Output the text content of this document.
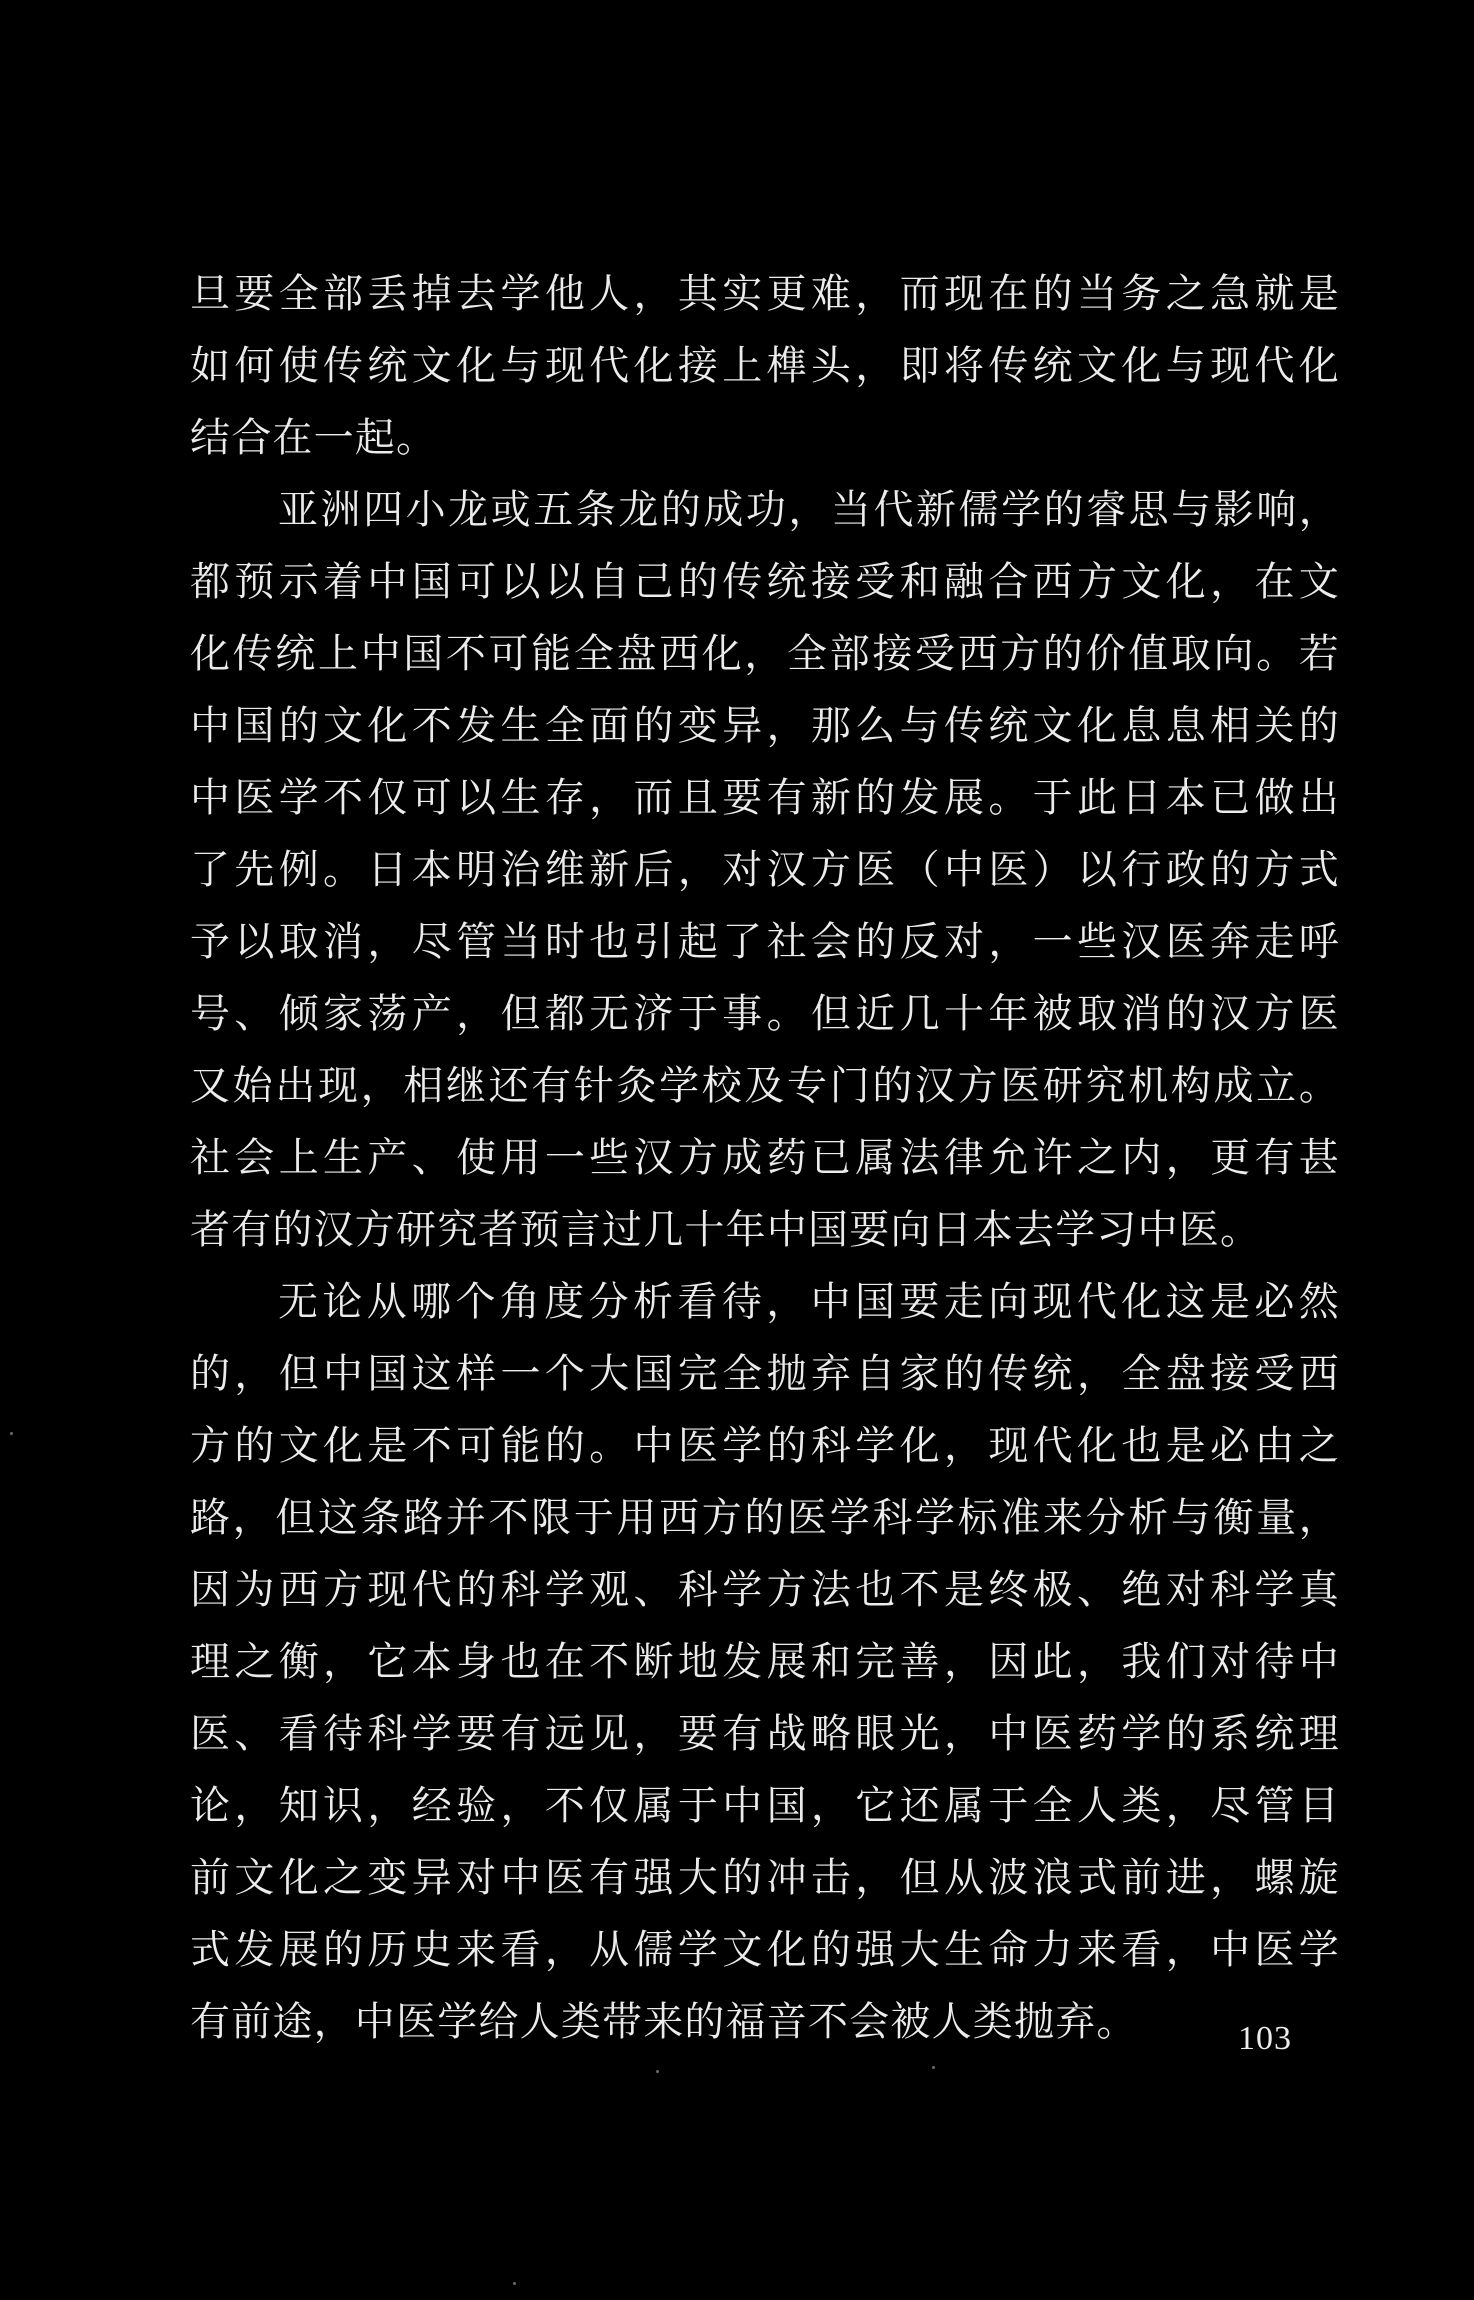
旦要全部丢掉去学他人，其实更难，而现在的当务之急就是
如何使传统文化与现代化接上榫头，即将传统文化与现代化
结合在一起。
亚洲四小龙或五条龙的成功，当代新儒学的睿思与影响，
都预示着中国可以以自己的传统接受和融合西方文化，在文
化传统上中国不可能全盘西化，全部接受西方的价值取向。若
中国的文化不发生全面的变异，那么与传统文化息息相关的
中医学不仅可以生存，而且要有新的发展。于此日本已做出
了先例。日本明治维新后，对汉方医（中医）以行政的方式
予以取消，尽管当时也引起了社会的反对，一些汉医奔走呼
号、倾家荡产，但都无济于事。但近几十年被取消的汉方医
又始出现，相继还有针灸学校及专门的汉方医研究机构成立。
社会上生产、使用一些汉方成药已属法律允许之内，更有甚
者有的汉方研究者预言过几十年中国要向日本去学习中医。
无论从哪个角度分析看待，中国要走向现代化这是必然
的，但中国这样一个大国完全抛弃自家的传统，全盘接受西
方的文化是不可能的。中医学的科学化，现代化也是必由之
路，但这条路并不限于用西方的医学科学标准来分析与衡量，
因为西方现代的科学观、科学方法也不是终极、绝对科学真
理之衡，它本身也在不断地发展和完善，因此，我们对待中
医、看待科学要有远见，要有战略眼光，中医药学的系统理
论，知识，经验，不仅属于中国，它还属于全人类，尽管目
前文化之变异对中医有强大的冲击，但从波浪式前进，螺旋
式发展的历史来看，从儒学文化的强大生命力来看，中医学
有前途，中医学给人类带来的福音不会被人类抛弃。	103
